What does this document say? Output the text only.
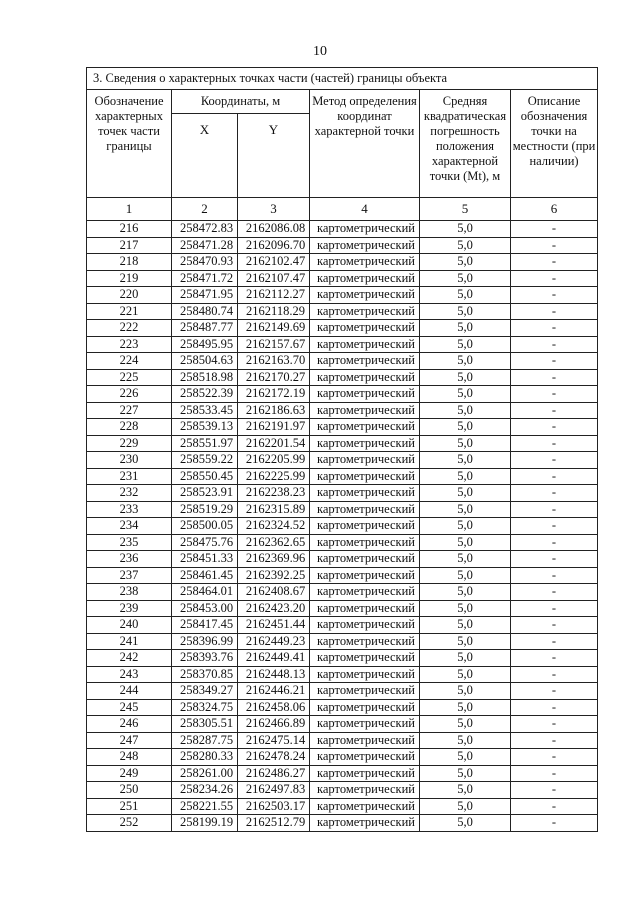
10
3. Сведения о характерных точках части (частей) границы объекта					
Обозначение характерных точек части границы	Координаты, м		Метод определения координат характерной точки	Средняя квадратическая погрешность положения характерной точки (Mt), м	Описание обозначения точки на местности (при наличии)
	X	Y			
1	2	3	4	5	6
216	258472.83	2162086.08	картометрический	5,0	-
217	258471.28	2162096.70	картометрический	5,0	-
218	258470.93	2162102.47	картометрический	5,0	-
219	258471.72	2162107.47	картометрический	5,0	-
220	258471.95	2162112.27	картометрический	5,0	-
221	258480.74	2162118.29	картометрический	5,0	-
222	258487.77	2162149.69	картометрический	5,0	-
223	258495.95	2162157.67	картометрический	5,0	-
224	258504.63	2162163.70	картометрический	5,0	-
225	258518.98	2162170.27	картометрический	5,0	-
226	258522.39	2162172.19	картометрический	5,0	-
227	258533.45	2162186.63	картометрический	5,0	-
228	258539.13	2162191.97	картометрический	5,0	-
229	258551.97	2162201.54	картометрический	5,0	-
230	258559.22	2162205.99	картометрический	5,0	-
231	258550.45	2162225.99	картометрический	5,0	-
232	258523.91	2162238.23	картометрический	5,0	-
233	258519.29	2162315.89	картометрический	5,0	-
234	258500.05	2162324.52	картометрический	5,0	-
235	258475.76	2162362.65	картометрический	5,0	-
236	258451.33	2162369.96	картометрический	5,0	-
237	258461.45	2162392.25	картометрический	5,0	-
238	258464.01	2162408.67	картометрический	5,0	-
239	258453.00	2162423.20	картометрический	5,0	-
240	258417.45	2162451.44	картометрический	5,0	-
241	258396.99	2162449.23	картометрический	5,0	-
242	258393.76	2162449.41	картометрический	5,0	-
243	258370.85	2162448.13	картометрический	5,0	-
244	258349.27	2162446.21	картометрический	5,0	-
245	258324.75	2162458.06	картометрический	5,0	-
246	258305.51	2162466.89	картометрический	5,0	-
247	258287.75	2162475.14	картометрический	5,0	-
248	258280.33	2162478.24	картометрический	5,0	-
249	258261.00	2162486.27	картометрический	5,0	-
250	258234.26	2162497.83	картометрический	5,0	-
251	258221.55	2162503.17	картометрический	5,0	-
252	258199.19	2162512.79	картометрический	5,0	-
